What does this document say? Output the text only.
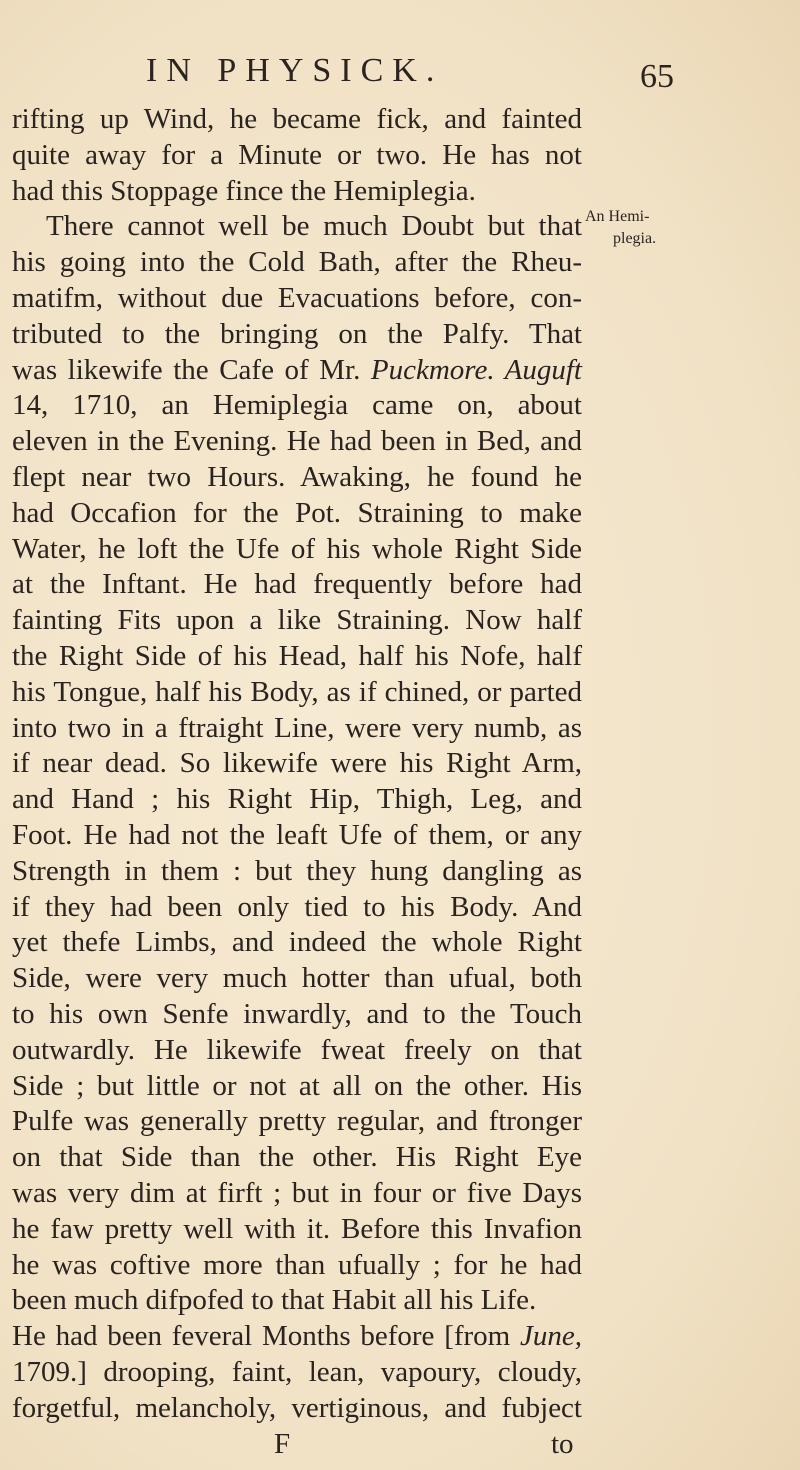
IN PHYSICK.	65
An Hemi-
plegia.
rifting up Wind, he became fick, and fainted
quite away for a Minute or two. He has not
had this Stoppage fince the Hemiplegia.
There cannot well be much Doubt but that
his going into the Cold Bath, after the Rheu-
matifm, without due Evacuations before, con-
tributed to the bringing on the Palfy. That
was likewife the Cafe of Mr. Puckmore. Auguft
14, 1710, an Hemiplegia came on, about
eleven in the Evening. He had been in Bed, and
flept near two Hours. Awaking, he found he
had Occafion for the Pot. Straining to make
Water, he loft the Ufe of his whole Right Side
at the Inftant. He had frequently before had
fainting Fits upon a like Straining. Now half
the Right Side of his Head, half his Nofe, half
his Tongue, half his Body, as if chined, or parted
into two in a ftraight Line, were very numb, as
if near dead. So likewife were his Right Arm,
and Hand ; his Right Hip, Thigh, Leg, and
Foot. He had not the leaft Ufe of them, or any
Strength in them : but they hung dangling as
if they had been only tied to his Body. And
yet thefe Limbs, and indeed the whole Right
Side, were very much hotter than ufual, both
to his own Senfe inwardly, and to the Touch
outwardly. He likewife fweat freely on that
Side ; but little or not at all on the other. His
Pulfe was generally pretty regular, and ftronger
on that Side than the other. His Right Eye
was very dim at firft ; but in four or five Days
he faw pretty well with it. Before this Invafion
he was coftive more than ufually ; for he had
been much difpofed to that Habit all his Life.
He had been feveral Months before [from June,
1709.] drooping, faint, lean, vapoury, cloudy,
forgetful, melancholy, vertiginous, and fubject
F	to
